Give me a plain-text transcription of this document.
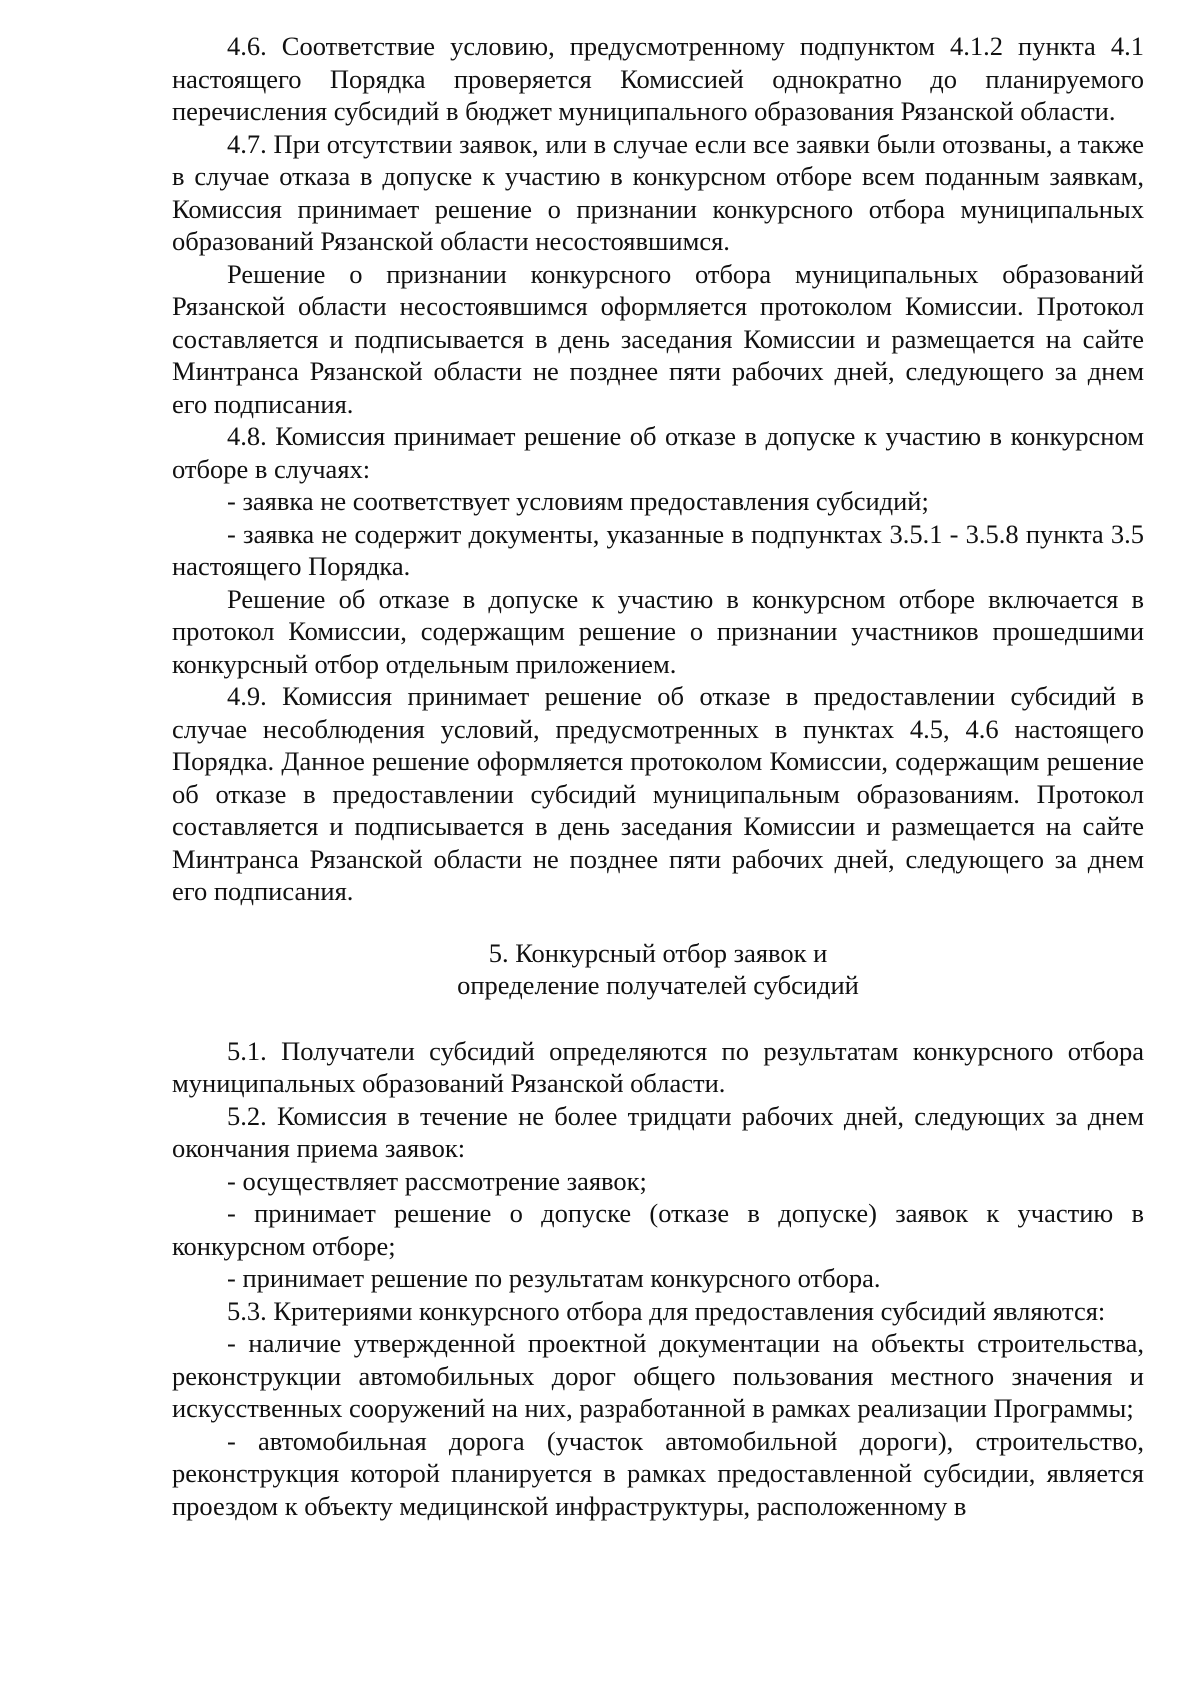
4.6. Соответствие условию, предусмотренному подпунктом 4.1.2 пункта 4.1 настоящего Порядка проверяется Комиссией однократно до планируемого перечисления субсидий в бюджет муниципального образования Рязанской области.

4.7. При отсутствии заявок, или в случае если все заявки были отозваны, а также в случае отказа в допуске к участию в конкурсном отборе всем поданным заявкам, Комиссия принимает решение о признании конкурсного отбора муниципальных образований Рязанской области несостоявшимся.

Решение о признании конкурсного отбора муниципальных образований Рязанской области несостоявшимся оформляется протоколом Комиссии. Протокол составляется и подписывается в день заседания Комиссии и размещается на сайте Минтранса Рязанской области не позднее пяти рабочих дней, следующего за днем его подписания.

4.8. Комиссия принимает решение об отказе в допуске к участию в конкурсном отборе в случаях:

- заявка не соответствует условиям предоставления субсидий;

- заявка не содержит документы, указанные в подпунктах 3.5.1 - 3.5.8 пункта 3.5 настоящего Порядка.

Решение об отказе в допуске к участию в конкурсном отборе включается в протокол Комиссии, содержащим решение о признании участников прошедшими конкурсный отбор отдельным приложением.

4.9. Комиссия принимает решение об отказе в предоставлении субсидий в случае несоблюдения условий, предусмотренных в пунктах 4.5, 4.6 настоящего Порядка. Данное решение оформляется протоколом Комиссии, содержащим решение об отказе в предоставлении субсидий муниципальным образованиям. Протокол составляется и подписывается в день заседания Комиссии и размещается на сайте Минтранса Рязанской области не позднее пяти рабочих дней, следующего за днем его подписания.

5. Конкурсный отбор заявок и
определение получателей субсидий

5.1. Получатели субсидий определяются по результатам конкурсного отбора муниципальных образований Рязанской области.

5.2. Комиссия в течение не более тридцати рабочих дней, следующих за днем окончания приема заявок:

- осуществляет рассмотрение заявок;

- принимает решение о допуске (отказе в допуске) заявок к участию в конкурсном отборе;

- принимает решение по результатам конкурсного отбора.

5.3. Критериями конкурсного отбора для предоставления субсидий являются:

- наличие утвержденной проектной документации на объекты строительства, реконструкции автомобильных дорог общего пользования местного значения и искусственных сооружений на них, разработанной в рамках реализации Программы;

- автомобильная дорога (участок автомобильной дороги), строительство, реконструкция которой планируется в рамках предоставленной субсидии, является проездом к объекту медицинской инфраструктуры, расположенному в
